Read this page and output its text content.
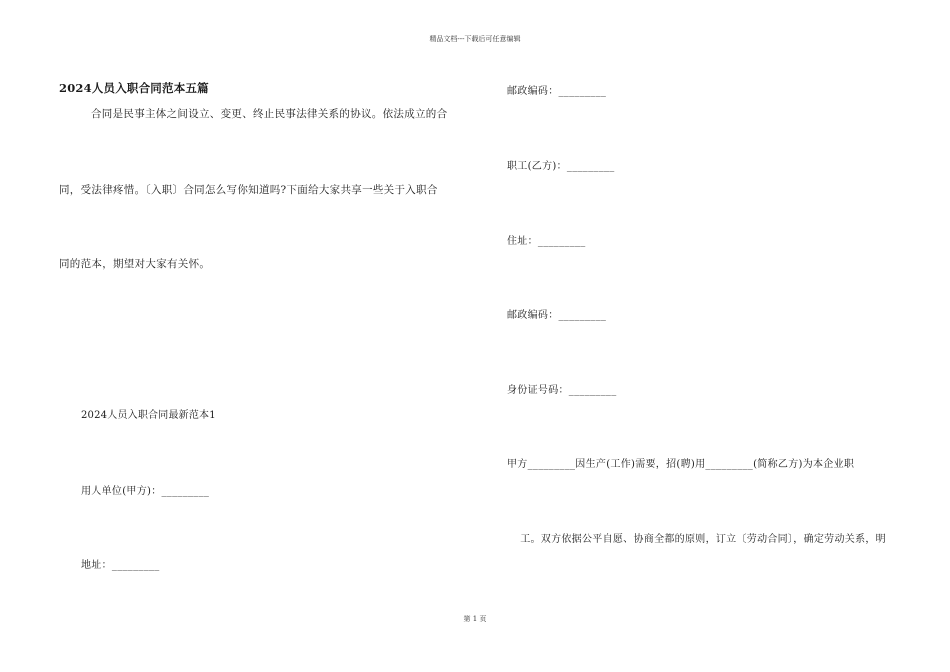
精品文档---下载后可任意编辑
2024人员入职合同范本五篇
合同是民事主体之间设立、变更、终止民事法律关系的协议。依法成立的合
同，受法律疼惜。〔入职〕合同怎么写你知道吗?下面给大家共享一些关于入职合
同的范本，期望对大家有关怀。
2024人员入职合同最新范本1
用人单位(甲方)：_________
地址：_________
邮政编码：_________
职工(乙方)：_________
住址：_________
邮政编码：_________
身份证号码：_________
甲方_________因生产(工作)需要，招(聘)用_________(简称乙方)为本企业职
工。双方依据公平自愿、协商全都的原则，订立〔劳动合同〕，确定劳动关系，明
第 1 页
